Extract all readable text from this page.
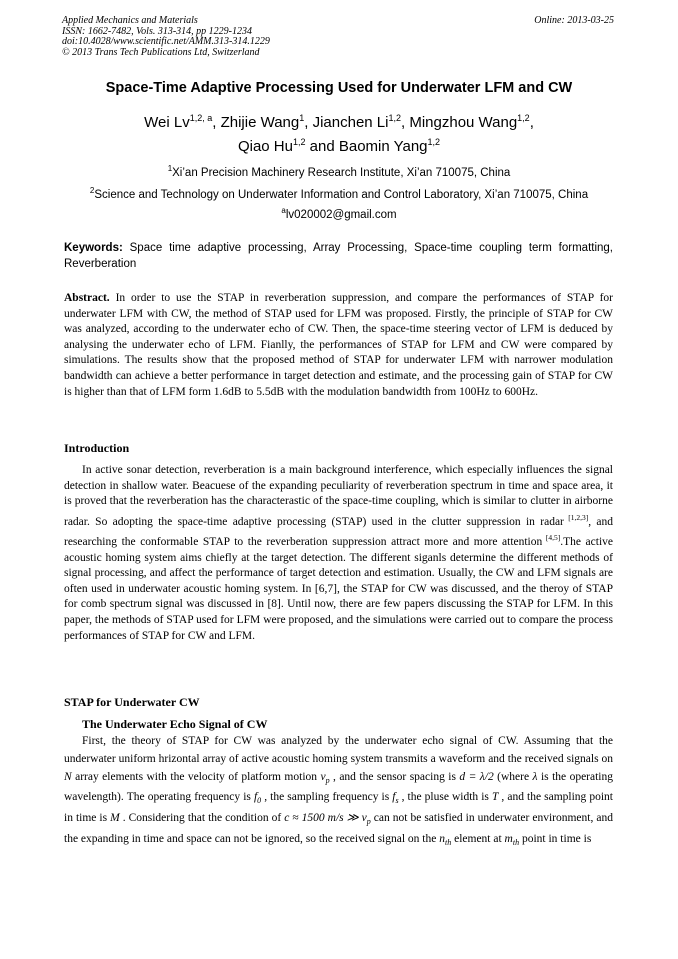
Applied Mechanics and Materials
ISSN: 1662-7482, Vols. 313-314, pp 1229-1234
doi:10.4028/www.scientific.net/AMM.313-314.1229
© 2013 Trans Tech Publications Ltd, Switzerland
Online: 2013-03-25
Space-Time Adaptive Processing Used for Underwater LFM and CW
Wei Lv$^{1,2, a}$, Zhijie Wang$^1$, Jianchen Li$^{1,2}$, Mingzhou Wang$^{1,2}$,
Qiao Hu$^{1,2}$ and Baomin Yang$^{1,2}$
$^1$Xi’an Precision Machinery Research Institute, Xi’an 710075, China
$^2$Science and Technology on Underwater Information and Control Laboratory, Xi’an 710075, China
$^a$lv020002@gmail.com
Keywords: Space time adaptive processing, Array Processing, Space-time coupling term formatting, Reverberation

Abstract. In order to use the STAP in reverberation suppression, and compare the performances of STAP for underwater LFM with CW, the method of STAP used for LFM was proposed. Firstly, the principle of STAP for CW was analyzed, according to the underwater echo of CW. Then, the space-time steering vector of LFM is deduced by analysing the underwater echo of LFM. Fianlly, the performances of STAP for LFM and CW were compared by simulations. The results show that the proposed method of STAP for underwater LFM with narrower modulation bandwidth can achieve a better performance in target detection and estimate, and the processing gain of STAP for CW is higher than that of LFM form 1.6dB to 5.5dB with the modulation bandwidth from 100Hz to 600Hz.

Introduction

In active sonar detection, reverberation is a main background interference, which especially influences the signal detection in shallow water. Beacuese of the expanding peculiarity of reverberation spectrum in time and space area, it is proved that the reverberation has the characterastic of the space-time coupling, which is similar to clutter in airborne radar. So adopting the space-time adaptive processing (STAP) used in the clutter suppression in radar [1,2,3], and researching the conformable STAP to the reverberation suppression attract more and more attention [4,5].The active acoustic homing system aims chiefly at the target detection. The different siganls determine the different methods of signal processing, and affect the performance of target detection and estimation. Usually, the CW and LFM signals are often used in underwater acoustic homing system. In [6,7], the STAP for CW was discussed, and the theroy of STAP for comb spectrum signal was discussed in [8]. Until now, there are few papers discussing the STAP for LFM. In this paper, the methods of STAP used for LFM were proposed, and the simulations were carried out to compare the process performances of STAP for CW and LFM.

STAP for Underwater CW
The Underwater Echo Signal of CW

First, the theory of STAP for CW was analyzed by the underwater echo signal of CW. Assuming that the underwater uniform hrizontal array of active acoustic homing system transmits a waveform and the received signals on N array elements with the velocity of platform motion $v_p$ , and the sensor spacing is d = λ/2 (where λ is the operating wavelength). The operating frequency is $f_0$ , the sampling frequency is $f_s$ , the pluse width is T , and the sampling point in time is M . Considering that the condition of c ≈ 1500 m/s ≫ $v_p$ can not be satisfied in underwater environment, and the expanding in time and space can not be ignored, so the received signal on the $n_{th}$ element at $m_{th}$ point in time is
